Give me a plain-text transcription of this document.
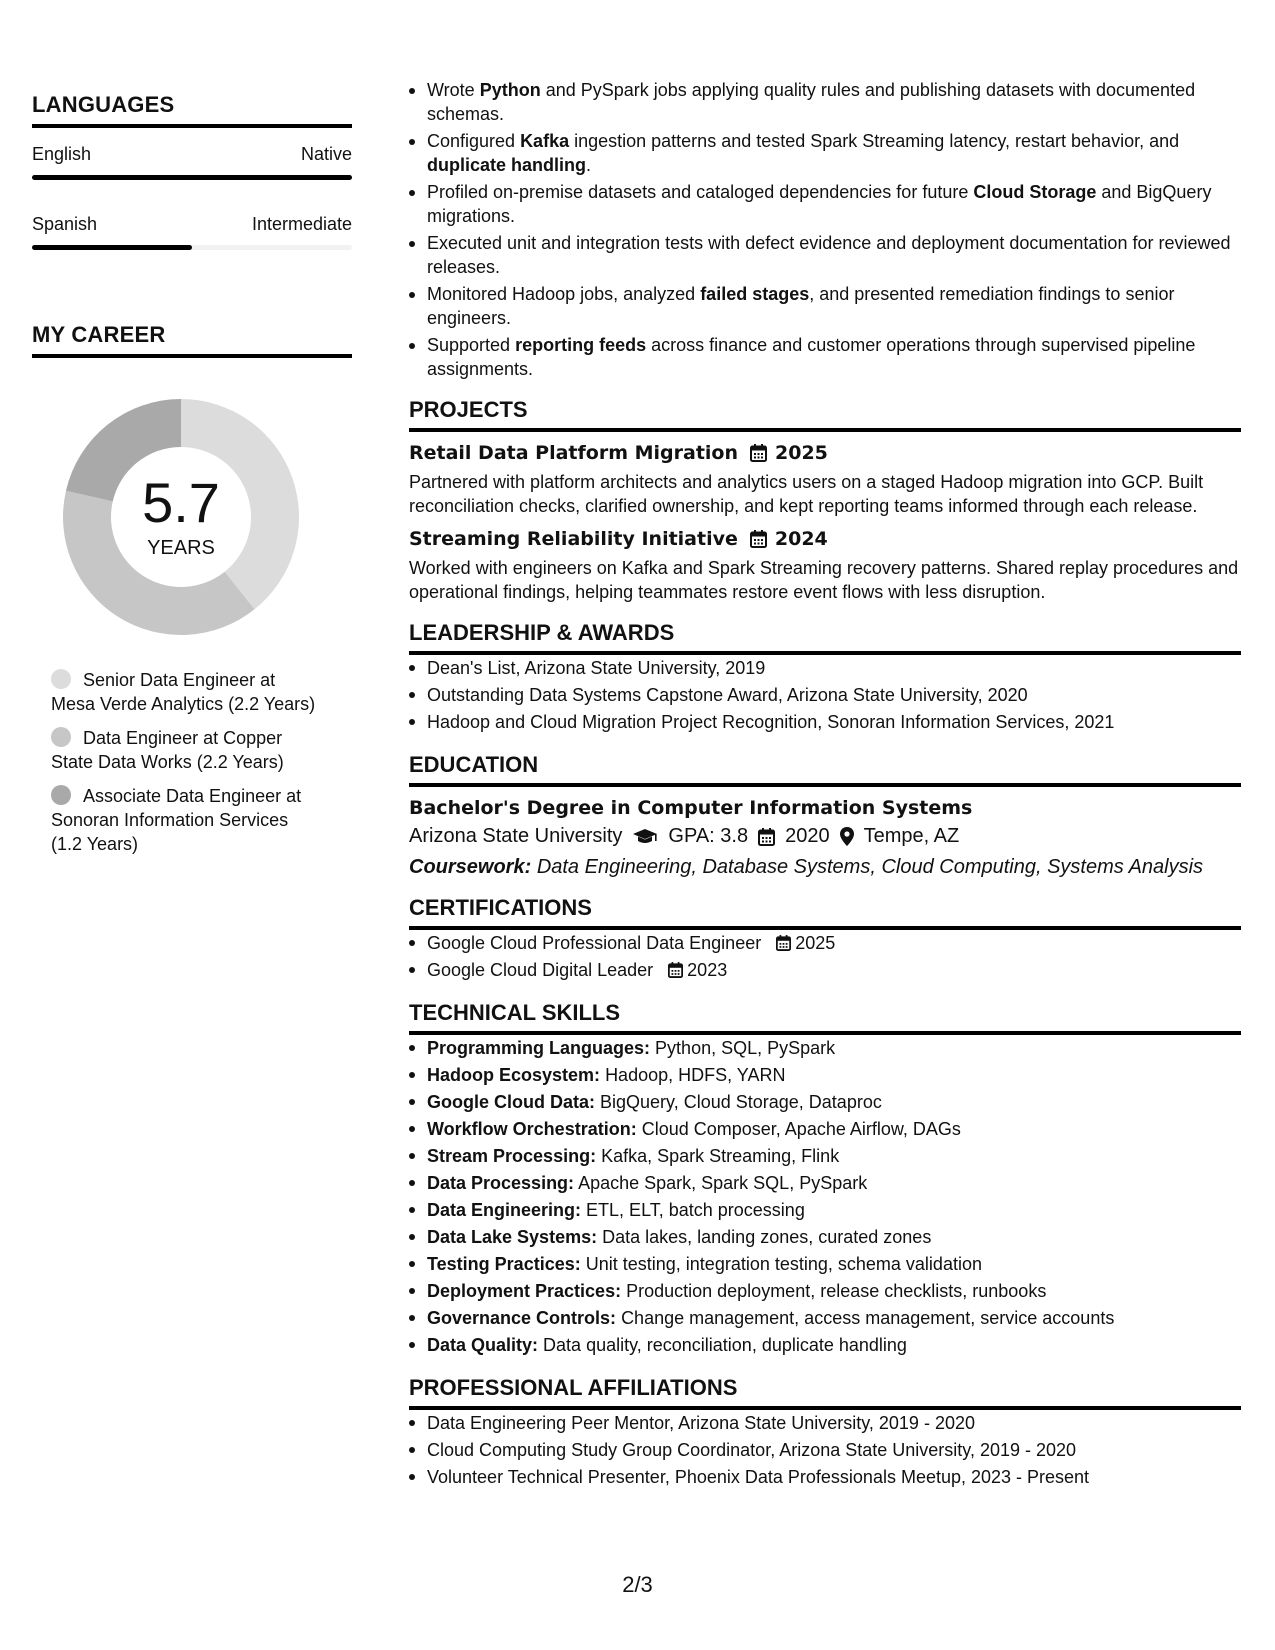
LANGUAGES
English	Native
Spanish	Intermediate
MY CAREER
5.7
YEARS
Senior Data Engineer at Mesa Verde Analytics (2.2 Years)
Data Engineer at Copper State Data Works (2.2 Years)
Associate Data Engineer at Sonoran Information Services (1.2 Years)
Wrote Python and PySpark jobs applying quality rules and publishing datasets with documented schemas.
Configured Kafka ingestion patterns and tested Spark Streaming latency, restart behavior, and duplicate handling.
Profiled on-premise datasets and cataloged dependencies for future Cloud Storage and BigQuery migrations.
Executed unit and integration tests with defect evidence and deployment documentation for reviewed releases.
Monitored Hadoop jobs, analyzed failed stages, and presented remediation findings to senior engineers.
Supported reporting feeds across finance and customer operations through supervised pipeline assignments.
PROJECTS
Retail Data Platform Migration 2025
Partnered with platform architects and analytics users on a staged Hadoop migration into GCP. Built reconciliation checks, clarified ownership, and kept reporting teams informed through each release.
Streaming Reliability Initiative 2024
Worked with engineers on Kafka and Spark Streaming recovery patterns. Shared replay procedures and operational findings, helping teammates restore event flows with less disruption.
LEADERSHIP & AWARDS
Dean's List, Arizona State University, 2019
Outstanding Data Systems Capstone Award, Arizona State University, 2020
Hadoop and Cloud Migration Project Recognition, Sonoran Information Services, 2021
EDUCATION
Bachelor's Degree in Computer Information Systems
Arizona State University GPA: 3.8 2020 Tempe, AZ
Coursework: Data Engineering, Database Systems, Cloud Computing, Systems Analysis
CERTIFICATIONS
Google Cloud Professional Data Engineer 2025
Google Cloud Digital Leader 2023
TECHNICAL SKILLS
Programming Languages: Python, SQL, PySpark
Hadoop Ecosystem: Hadoop, HDFS, YARN
Google Cloud Data: BigQuery, Cloud Storage, Dataproc
Workflow Orchestration: Cloud Composer, Apache Airflow, DAGs
Stream Processing: Kafka, Spark Streaming, Flink
Data Processing: Apache Spark, Spark SQL, PySpark
Data Engineering: ETL, ELT, batch processing
Data Lake Systems: Data lakes, landing zones, curated zones
Testing Practices: Unit testing, integration testing, schema validation
Deployment Practices: Production deployment, release checklists, runbooks
Governance Controls: Change management, access management, service accounts
Data Quality: Data quality, reconciliation, duplicate handling
PROFESSIONAL AFFILIATIONS
Data Engineering Peer Mentor, Arizona State University, 2019 - 2020
Cloud Computing Study Group Coordinator, Arizona State University, 2019 - 2020
Volunteer Technical Presenter, Phoenix Data Professionals Meetup, 2023 - Present
2/3
